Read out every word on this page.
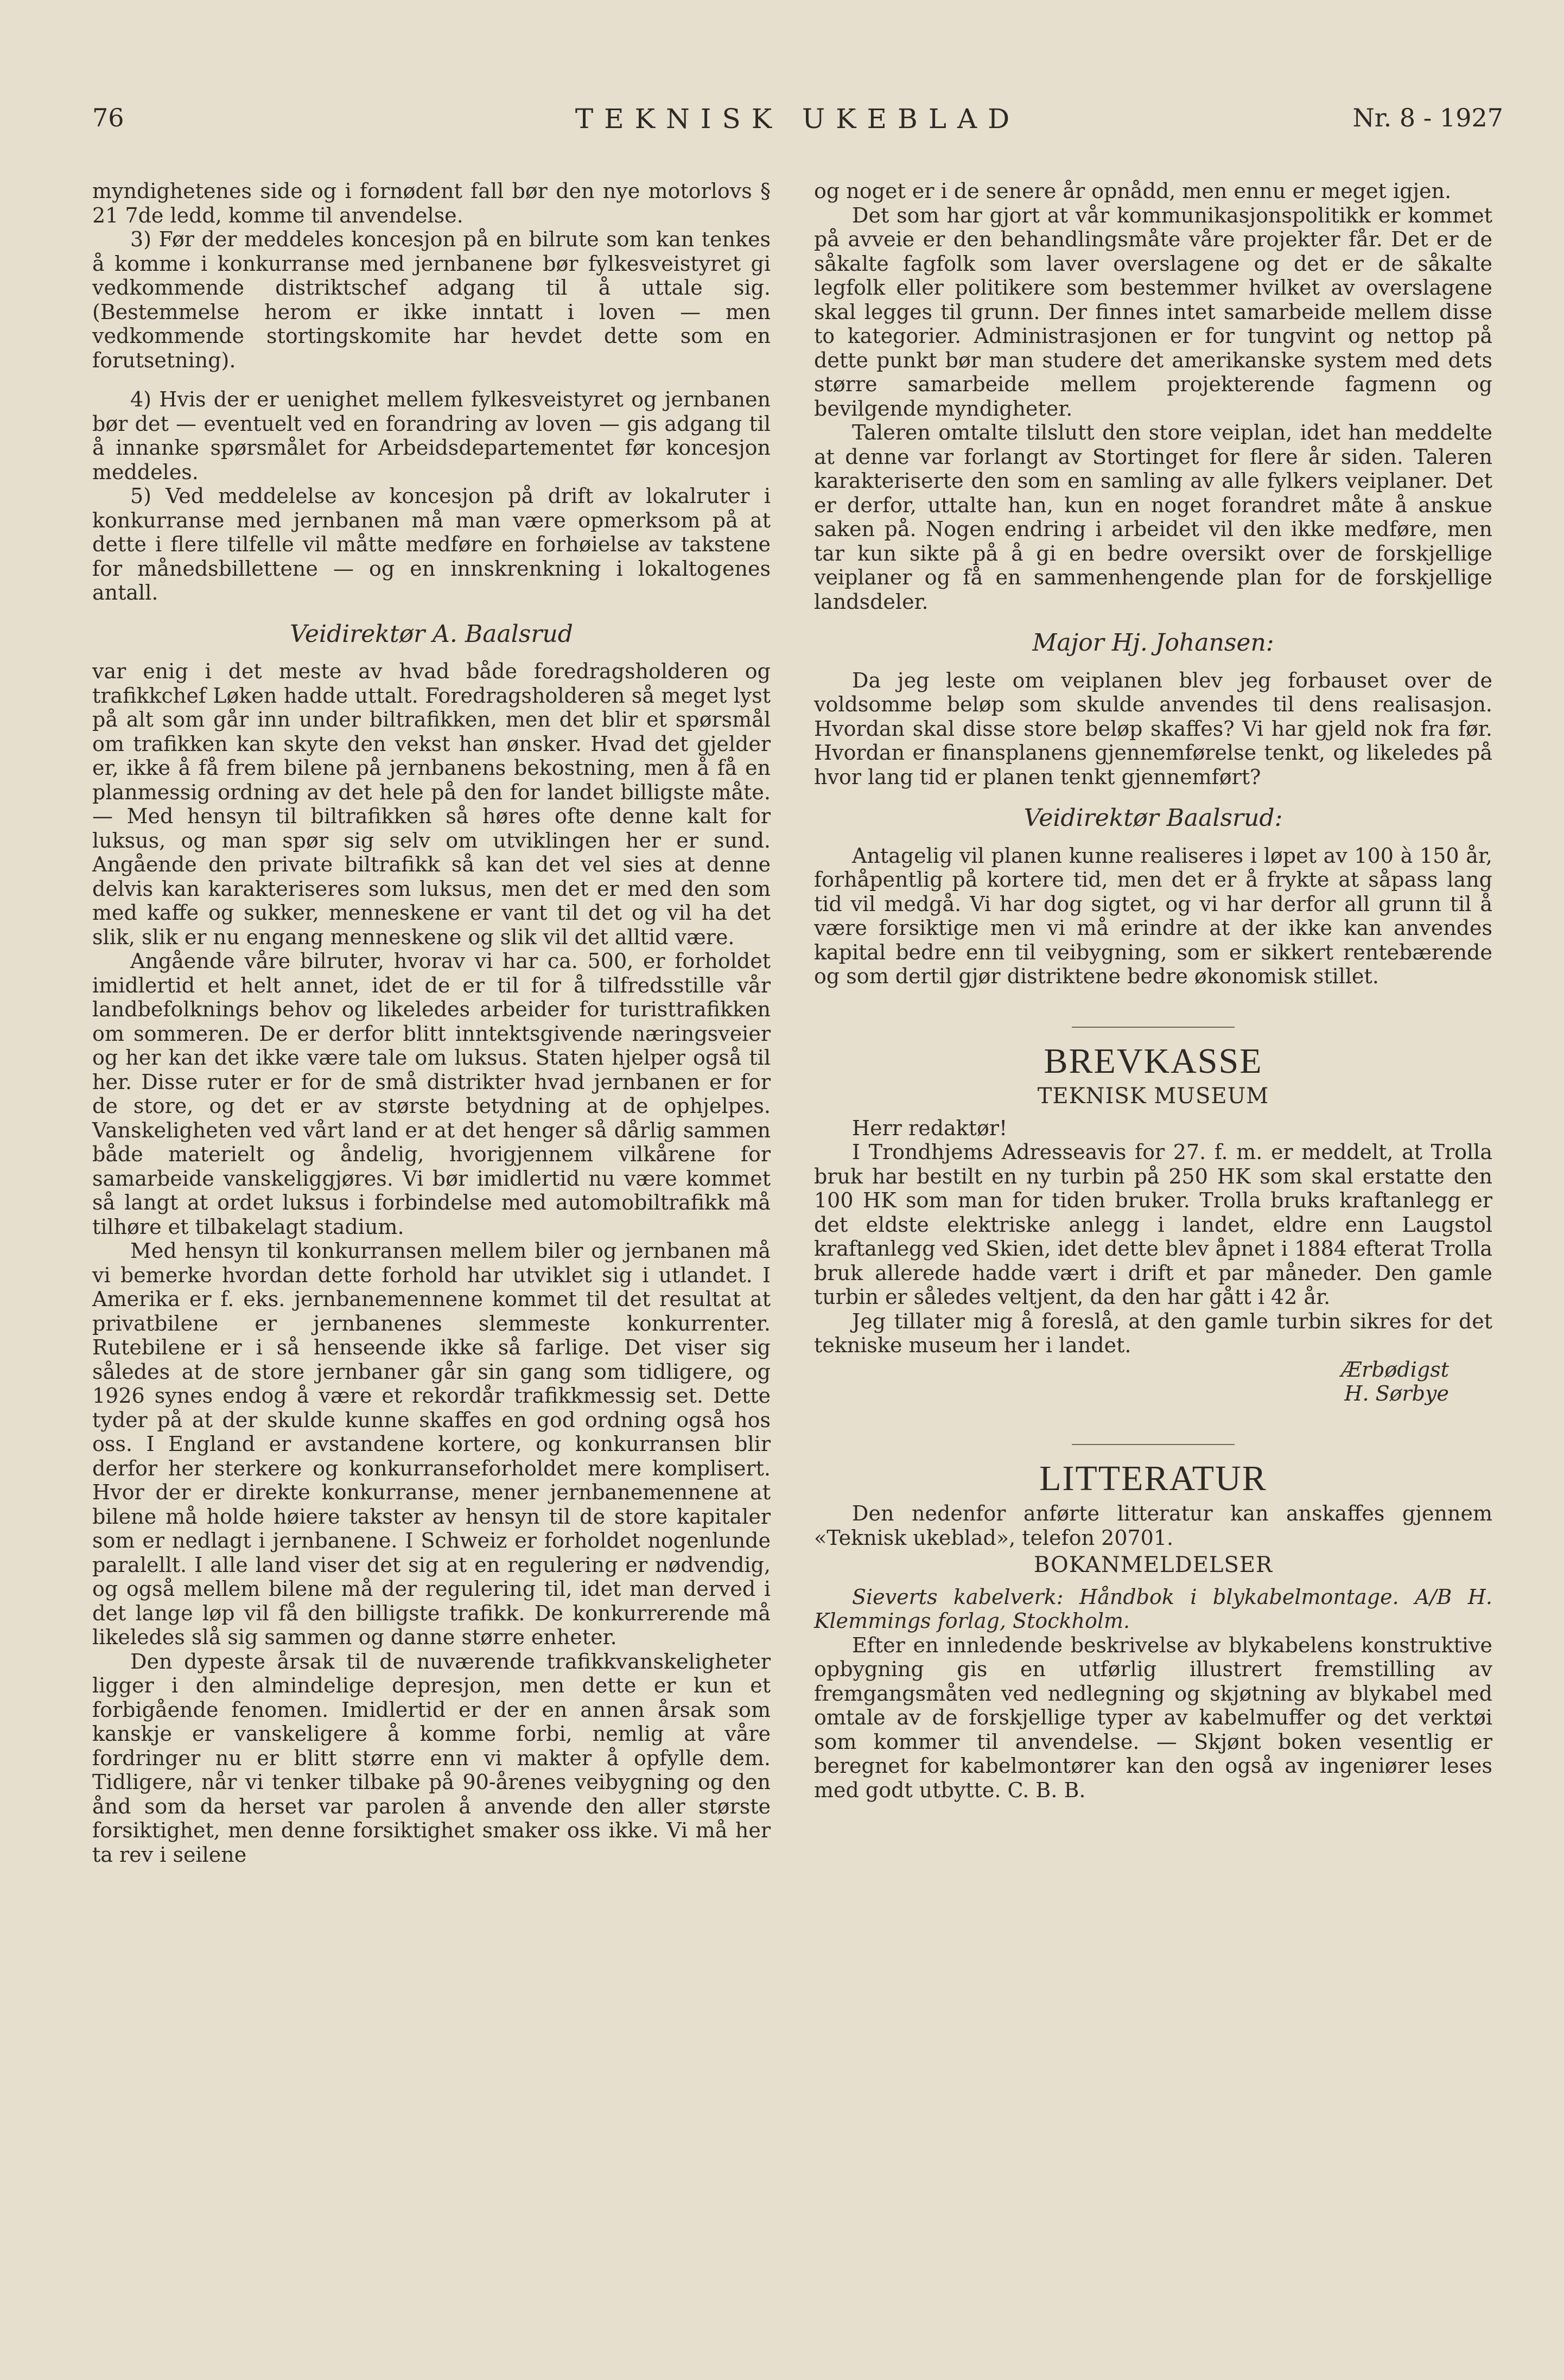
76	TEKNISK UKEBLAD	Nr. 8 - 1927

myndighetenes side og i fornødent fall bør den nye motorlovs § 21 7de ledd, komme til anvendelse.

3) Før der meddeles koncesjon på en bilrute som kan tenkes å komme i konkurranse med jernbanene bør fylkesveistyret gi vedkommende distriktschef adgang til å uttale sig. (Bestemmelse herom er ikke inntatt i loven — men vedkommende stortingskomite har hevdet dette som en forutsetning).

4) Hvis der er uenighet mellem fylkesveistyret og jernbanen bør det — eventuelt ved en forandring av loven — gis adgang til å innanke spørsmålet for Arbeidsdepartementet før koncesjon meddeles.

5) Ved meddelelse av koncesjon på drift av lokalruter i konkurranse med jernbanen må man være opmerksom på at dette i flere tilfelle vil måtte medføre en forhøielse av takstene for månedsbillettene — og en innskrenkning i lokaltogenes antall.

Veidirektør A. Baalsrud

var enig i det meste av hvad både foredragsholderen og trafikkchef Løken hadde uttalt. Foredragsholderen så meget lyst på alt som går inn under biltrafikken, men det blir et spørsmål om trafikken kan skyte den vekst han ønsker. Hvad det gjelder er, ikke å få frem bilene på jernbanens bekostning, men å få en planmessig ordning av det hele på den for landet billigste måte. — Med hensyn til biltrafikken så høres ofte denne kalt for luksus, og man spør sig selv om utviklingen her er sund. Angående den private biltrafikk så kan det vel sies at denne delvis kan karakteriseres som luksus, men det er med den som med kaffe og sukker, menneskene er vant til det og vil ha det slik, slik er nu engang menneskene og slik vil det alltid være.

Angående våre bilruter, hvorav vi har ca. 500, er forholdet imidlertid et helt annet, idet de er til for å tilfredsstille vår landbefolknings behov og likeledes arbeider for turisttrafikken om sommeren. De er derfor blitt inntektsgivende næringsveier og her kan det ikke være tale om luksus. Staten hjelper også til her. Disse ruter er for de små distrikter hvad jernbanen er for de store, og det er av største betydning at de ophjelpes. Vanskeligheten ved vårt land er at det henger så dårlig sammen både materielt og åndelig, hvorigjennem vilkårene for samarbeide vanskeliggjøres. Vi bør imidlertid nu være kommet så langt at ordet luksus i forbindelse med automobiltrafikk må tilhøre et tilbakelagt stadium.

Med hensyn til konkurransen mellem biler og jernbanen må vi bemerke hvordan dette forhold har utviklet sig i utlandet. I Amerika er f. eks. jernbanemennene kommet til det resultat at privatbilene er jernbanenes slemmeste konkurrenter. Rutebilene er i så henseende ikke så farlige. Det viser sig således at de store jernbaner går sin gang som tidligere, og 1926 synes endog å være et rekordår trafikkmessig set. Dette tyder på at der skulde kunne skaffes en god ordning også hos oss. I England er avstandene kortere, og konkurransen blir derfor her sterkere og konkurranseforholdet mere komplisert. Hvor der er direkte konkurranse, mener jernbanemennene at bilene må holde høiere takster av hensyn til de store kapitaler som er nedlagt i jernbanene. I Schweiz er forholdet nogenlunde paralellt. I alle land viser det sig at en regulering er nødvendig, og også mellem bilene må der regulering til, idet man derved i det lange løp vil få den billigste trafikk. De konkurrerende må likeledes slå sig sammen og danne større enheter.

Den dypeste årsak til de nuværende trafikkvanskeligheter ligger i den almindelige depresjon, men dette er kun et forbigående fenomen. Imidlertid er der en annen årsak som kanskje er vanskeligere å komme forbi, nemlig at våre fordringer nu er blitt større enn vi makter å opfylle dem. Tidligere, når vi tenker tilbake på 90-årenes veibygning og den ånd som da herset var parolen å anvende den aller største forsiktighet, men denne forsiktighet smaker oss ikke. Vi må her ta rev i seilene

og noget er i de senere år opnådd, men ennu er meget igjen.

Det som har gjort at vår kommunikasjonspolitikk er kommet på avveie er den behandlingsmåte våre projekter får. Det er de såkalte fagfolk som laver overslagene og det er de såkalte legfolk eller politikere som bestemmer hvilket av overslagene skal legges til grunn. Der finnes intet samarbeide mellem disse to kategorier. Administrasjonen er for tungvint og nettop på dette punkt bør man studere det amerikanske system med dets større samarbeide mellem projekterende fagmenn og bevilgende myndigheter.

Taleren omtalte tilslutt den store veiplan, idet han meddelte at denne var forlangt av Stortinget for flere år siden. Taleren karakteriserte den som en samling av alle fylkers veiplaner. Det er derfor, uttalte han, kun en noget forandret måte å anskue saken på. Nogen endring i arbeidet vil den ikke medføre, men tar kun sikte på å gi en bedre oversikt over de forskjellige veiplaner og få en sammenhengende plan for de forskjellige landsdeler.

Major Hj. Johansen:

Da jeg leste om veiplanen blev jeg forbauset over de voldsomme beløp som skulde anvendes til dens realisasjon. Hvordan skal disse store beløp skaffes? Vi har gjeld nok fra før. Hvordan er finansplanens gjennemførelse tenkt, og likeledes på hvor lang tid er planen tenkt gjennemført?

Veidirektør Baalsrud:

Antagelig vil planen kunne realiseres i løpet av 100 à 150 år, forhåpentlig på kortere tid, men det er å frykte at såpass lang tid vil medgå. Vi har dog sigtet, og vi har derfor all grunn til å være forsiktige men vi må erindre at der ikke kan anvendes kapital bedre enn til veibygning, som er sikkert rentebærende og som dertil gjør distriktene bedre økonomisk stillet.

BREVKASSE
TEKNISK MUSEUM

Herr redaktør!

I Trondhjems Adresseavis for 27. f. m. er meddelt, at Trolla bruk har bestilt en ny turbin på 250 HK som skal erstatte den 100 HK som man for tiden bruker. Trolla bruks kraftanlegg er det eldste elektriske anlegg i landet, eldre enn Laugstol kraftanlegg ved Skien, idet dette blev åpnet i 1884 efterat Trolla bruk allerede hadde vært i drift et par måneder. Den gamle turbin er således veltjent, da den har gått i 42 år.

Jeg tillater mig å foreslå, at den gamle turbin sikres for det tekniske museum her i landet.

Ærbødigst
H. Sørbye
LITTERATUR

Den nedenfor anførte litteratur kan anskaffes gjennem «Teknisk ukeblad», telefon 20701.

BOKANMELDELSER

Sieverts kabelverk: Håndbok i blykabelmontage. A/B H. Klemmings forlag, Stockholm.

Efter en innledende beskrivelse av blykabelens konstruktive opbygning gis en utførlig illustrert fremstilling av fremgangsmåten ved nedlegning og skjøtning av blykabel med omtale av de forskjellige typer av kabelmuffer og det verktøi som kommer til anvendelse. — Skjønt boken vesentlig er beregnet for kabelmontører kan den også av ingeniører leses med godt utbytte. C. B. B.
